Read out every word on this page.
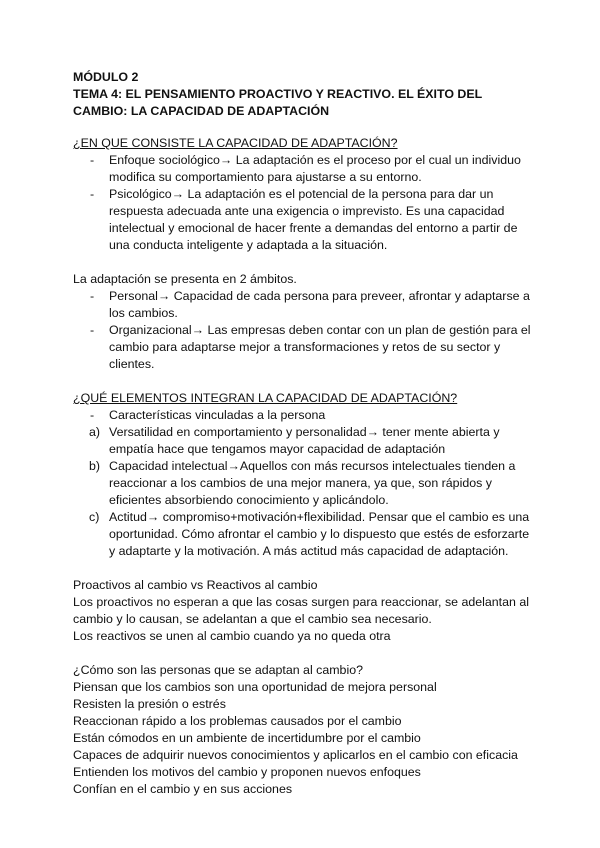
MÓDULO 2

TEMA 4: EL PENSAMIENTO PROACTIVO Y REACTIVO. EL ÉXITO DEL

CAMBIO: LA CAPACIDAD DE ADAPTACIÓN

¿EN QUE CONSISTE LA CAPACIDAD DE ADAPTACIÓN?

- Enfoque sociológico→ La adaptación es el proceso por el cual un individuo modifica su comportamiento para ajustarse a su entorno.
- Psicológico→ La adaptación es el potencial de la persona para dar un respuesta adecuada ante una exigencia o imprevisto. Es una capacidad intelectual y emocional de hacer frente a demandas del entorno a partir de una conducta inteligente y adaptada a la situación.

La adaptación se presenta en 2 ámbitos.

- Personal→ Capacidad de cada persona para preveer, afrontar y adaptarse a los cambios.
- Organizacional→ Las empresas deben contar con un plan de gestión para el cambio para adaptarse mejor a transformaciones y retos de su sector y clientes.

¿QUÉ ELEMENTOS INTEGRAN LA CAPACIDAD DE ADAPTACIÓN?

- Características vinculadas a la persona
a) Versatilidad en comportamiento y personalidad→ tener mente abierta y empatía hace que tengamos mayor capacidad de adaptación
b) Capacidad intelectual→Aquellos con más recursos intelectuales tienden a reaccionar a los cambios de una mejor manera, ya que, son rápidos y eficientes absorbiendo conocimiento y aplicándolo.
c) Actitud→ compromiso+motivación+flexibilidad. Pensar que el cambio es una oportunidad. Cómo afrontar el cambio y lo dispuesto que estés de esforzarte y adaptarte y la motivación. A más actitud más capacidad de adaptación.

Proactivos al cambio vs Reactivos al cambio

Los proactivos no esperan a que las cosas surgen para reaccionar, se adelantan al cambio y lo causan, se adelantan a que el cambio sea necesario.

Los reactivos se unen al cambio cuando ya no queda otra

¿Cómo son las personas que se adaptan al cambio?

Piensan que los cambios son una oportunidad de mejora personal

Resisten la presión o estrés

Reaccionan rápido a los problemas causados por el cambio

Están cómodos en un ambiente de incertidumbre por el cambio

Capaces de adquirir nuevos conocimientos y aplicarlos en el cambio con eficacia

Entienden los motivos del cambio y proponen nuevos enfoques

Confían en el cambio y en sus acciones
